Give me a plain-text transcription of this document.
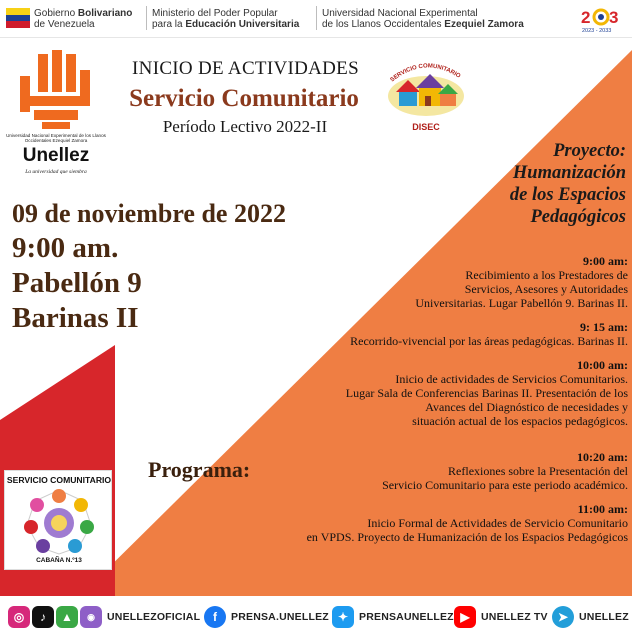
Gobierno Bolivariano
de Venezuela
Ministerio del Poder Popular
para la Educación Universitaria
Universidad Nacional Experimental
de los Llanos Occidentales Ezequiel Zamora	2 3
2023 - 2033
Universidad Nacional Experimental de los Llanos Occidentales Ezequiel Zamora
Unellez
La universidad que siembra
INICIO DE ACTIVIDADES
Servicio Comunitario
Período Lectivo 2022-II
SERVICIO COMUNITARIO
DISEC
09 de noviembre de 2022
9:00 am.
Pabellón 9
Barinas II
Proyecto:
Humanización
de los Espacios
Pedagógicos
9:00 am:
Recibimiento a los Prestadores de
Servicios, Asesores y Autoridades
Universitarias. Lugar Pabellón 9. Barinas II.
9: 15 am:
Recorrido-vivencial por las áreas pedagógicas. Barinas II.
10:00 am:
Inicio de actividades de Servicios Comunitarios.
Lugar Sala de Conferencias Barinas II. Presentación de los
Avances del Diagnóstico de necesidades y
situación actual de los espacios pedagógicos.
10:20 am:
Reflexiones sobre la Presentación del
Servicio Comunitario para este periodo académico.
11:00 am:
Inicio Formal de Actividades de Servicio Comunitario
en VPDS. Proyecto de Humanización de los Espacios Pedagógicos
Programa:
SERVICIO COMUNITARIO
CABAÑA N.º13
◎	♪	▲	◉	UNELLEZOFICIAL	f	PRENSA.UNELLEZ ✦	PRENSAUNELLEZ ▶	UNELLEZ TV ➤	UNELLEZ
